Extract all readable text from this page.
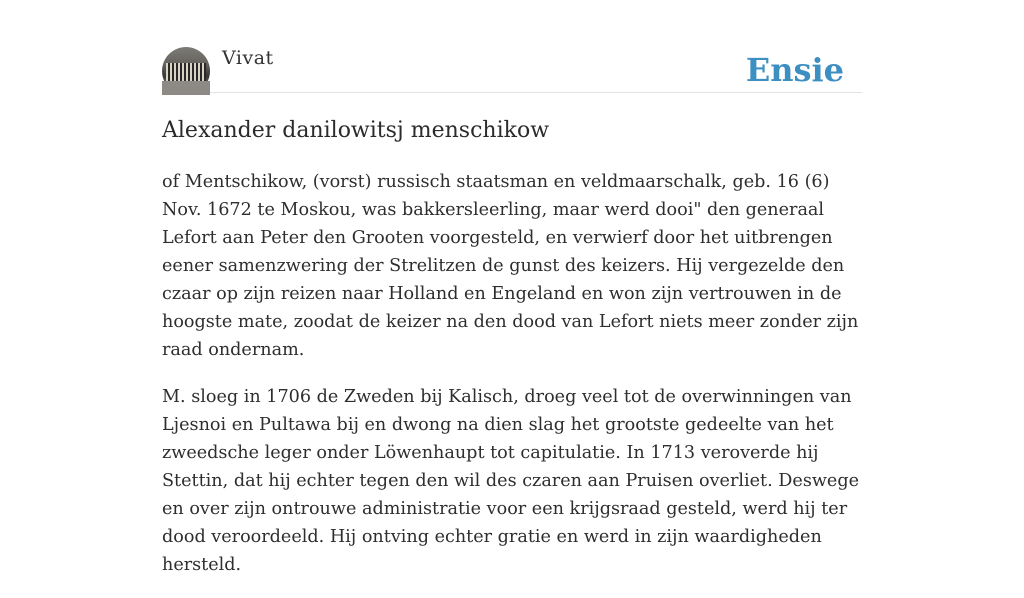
Vivat	Ensie
Alexander danilowitsj menschikow

of Mentschikow, (vorst) russisch staatsman en veldmaarschalk, geb. 16 (6) Nov. 1672 te Moskou, was bakkersleerling, maar werd dooi" den generaal Lefort aan Peter den Grooten voorgesteld, en verwierf door het uitbrengen eener samenzwering der Strelitzen de gunst des keizers. Hij vergezelde den czaar op zijn reizen naar Holland en Engeland en won zijn vertrouwen in de hoogste mate, zoodat de keizer na den dood van Lefort niets meer zonder zijn raad ondernam.

M. sloeg in 1706 de Zweden bij Kalisch, droeg veel tot de overwinningen van Ljesnoi en Pultawa bij en dwong na dien slag het grootste gedeelte van het zweedsche leger onder Löwenhaupt tot capitulatie. In 1713 veroverde hij Stettin, dat hij echter tegen den wil des czaren aan Pruisen overliet. Deswege en over zijn ontrouwe administratie voor een krijgsraad gesteld, werd hij ter dood veroordeeld. Hij ontving echter gratie en werd in zijn waardigheden hersteld.
